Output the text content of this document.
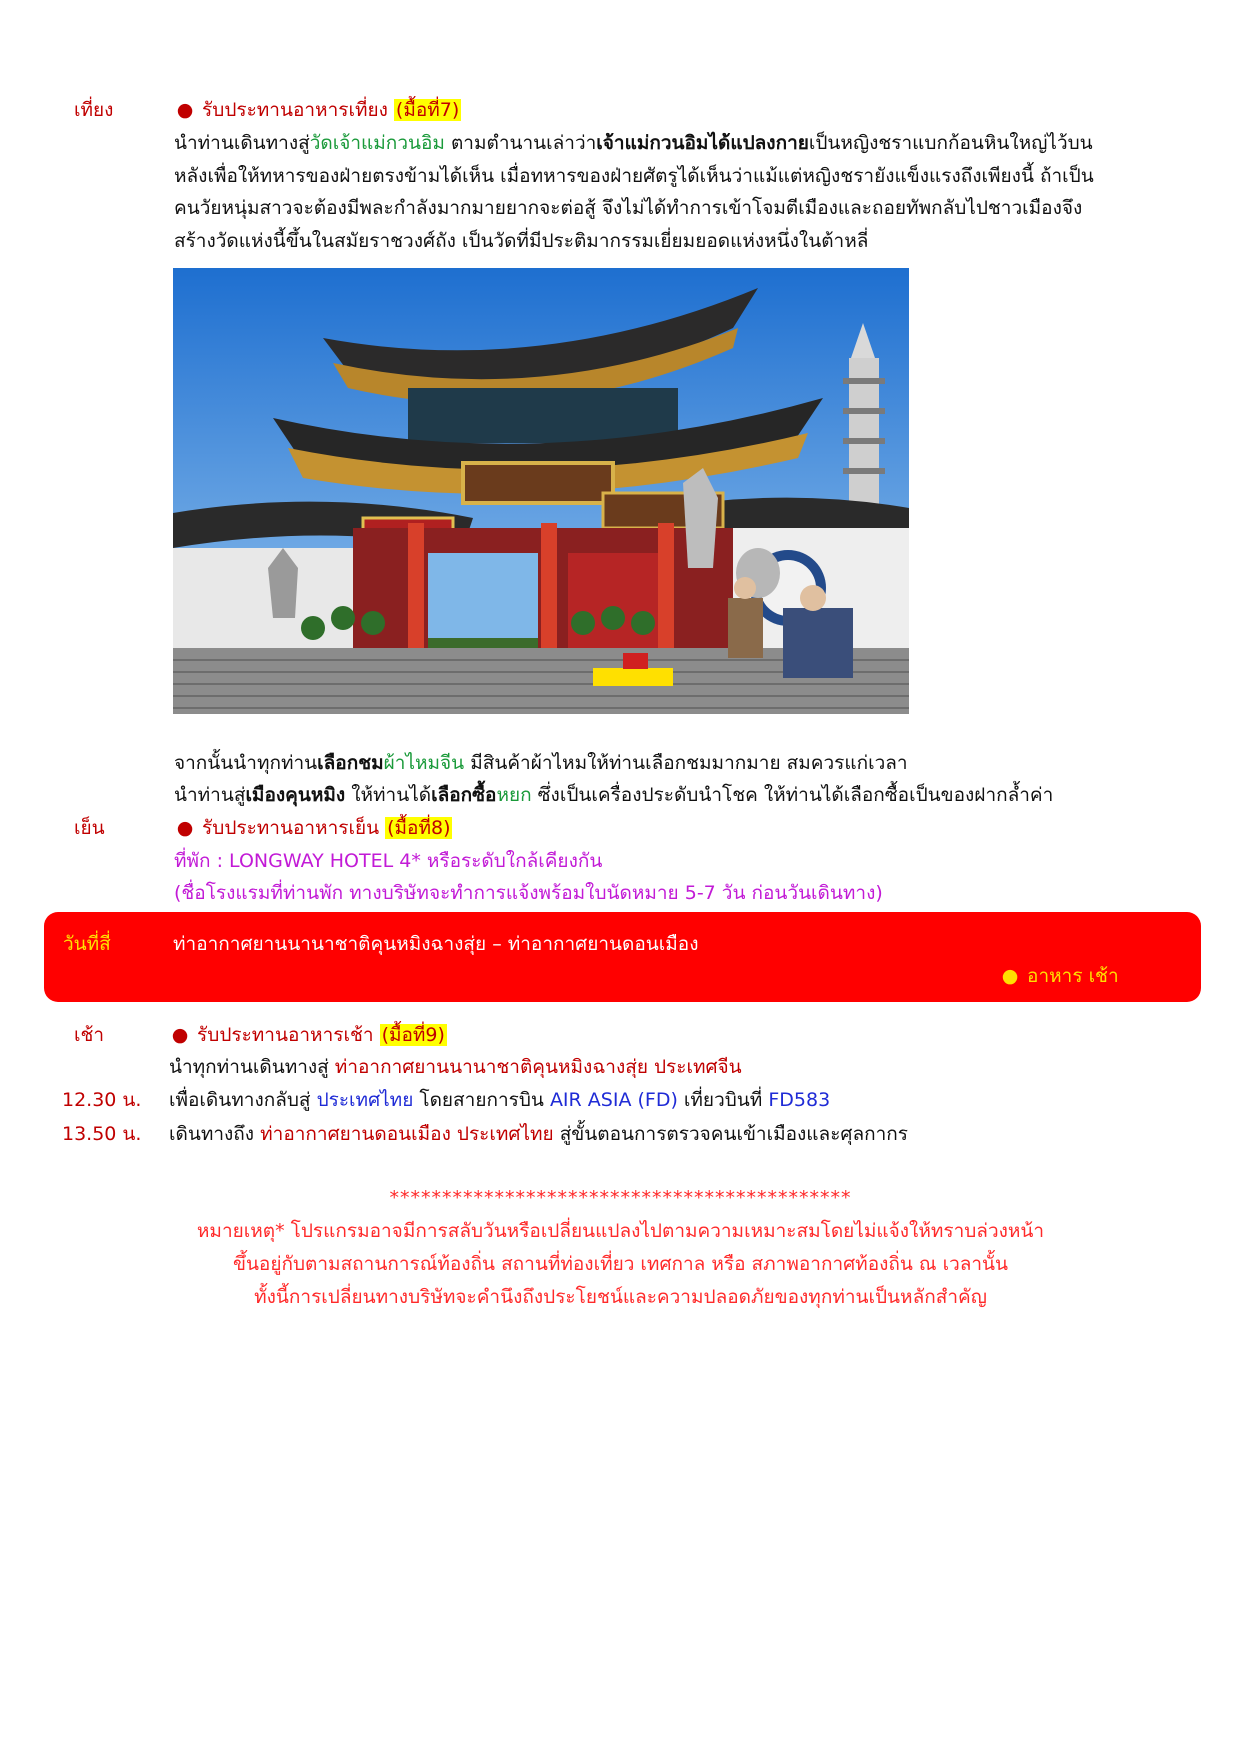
เที่ยง	● รับประทานอาหารเที่ยง (มื้อที่7)
นำท่านเดินทางสู่วัดเจ้าแม่กวนอิม ตามตำนานเล่าว่าเจ้าแม่กวนอิมได้แปลงกายเป็นหญิงชราแบกก้อนหินใหญ่ไว้บน
หลังเพื่อให้ทหารของฝ่ายตรงข้ามได้เห็น เมื่อทหารของฝ่ายศัตรูได้เห็นว่าแม้แต่หญิงชรายังแข็งแรงถึงเพียงนี้ ถ้าเป็น
คนวัยหนุ่มสาวจะต้องมีพละกำลังมากมายยากจะต่อสู้ จึงไม่ได้ทำการเข้าโจมตีเมืองและถอยทัพกลับไปชาวเมืองจึง
สร้างวัดแห่งนี้ขึ้นในสมัยราชวงศ์ถัง เป็นวัดที่มีประติมากรรมเยี่ยมยอดแห่งหนึ่งในต้าหลี่
จากนั้นนำทุกท่านเลือกชมผ้าไหมจีน มีสินค้าผ้าไหมให้ท่านเลือกชมมากมาย สมควรแก่เวลา
นำท่านสู่เมืองคุนหมิง ให้ท่านได้เลือกซื้อหยก ซึ่งเป็นเครื่องประดับนำโชค ให้ท่านได้เลือกซื้อเป็นของฝากล้ำค่า
เย็น	● รับประทานอาหารเย็น (มื้อที่8)
ที่พัก : LONGWAY HOTEL 4* หรือระดับใกล้เคียงกัน
(ชื่อโรงแรมที่ท่านพัก ทางบริษัทจะทำการแจ้งพร้อมใบนัดหมาย 5-7 วัน ก่อนวันเดินทาง)
วันที่สี่	ท่าอากาศยานนานาชาติคุนหมิงฉางสุ่ย – ท่าอากาศยานดอนเมือง
● อาหาร เช้า
เช้า	● รับประทานอาหารเช้า (มื้อที่9)
นำทุกท่านเดินทางสู่ ท่าอากาศยานนานาชาติคุนหมิงฉางสุ่ย ประเทศจีน
12.30 น. เพื่อเดินทางกลับสู่ ประเทศไทย โดยสายการบิน AIR ASIA (FD) เที่ยวบินที่ FD583
13.50 น. เดินทางถึง ท่าอากาศยานดอนเมือง ประเทศไทย สู่ขั้นตอนการตรวจคนเข้าเมืองและศุลกากร
********************************************
หมายเหตุ* โปรแกรมอาจมีการสลับวันหรือเปลี่ยนแปลงไปตามความเหมาะสมโดยไม่แจ้งให้ทราบล่วงหน้า
ขึ้นอยู่กับตามสถานการณ์ท้องถิ่น สถานที่ท่องเที่ยว เทศกาล หรือ สภาพอากาศท้องถิ่น ณ เวลานั้น
ทั้งนี้การเปลี่ยนทางบริษัทจะคำนึงถึงประโยชน์และความปลอดภัยของทุกท่านเป็นหลักสำคัญ
